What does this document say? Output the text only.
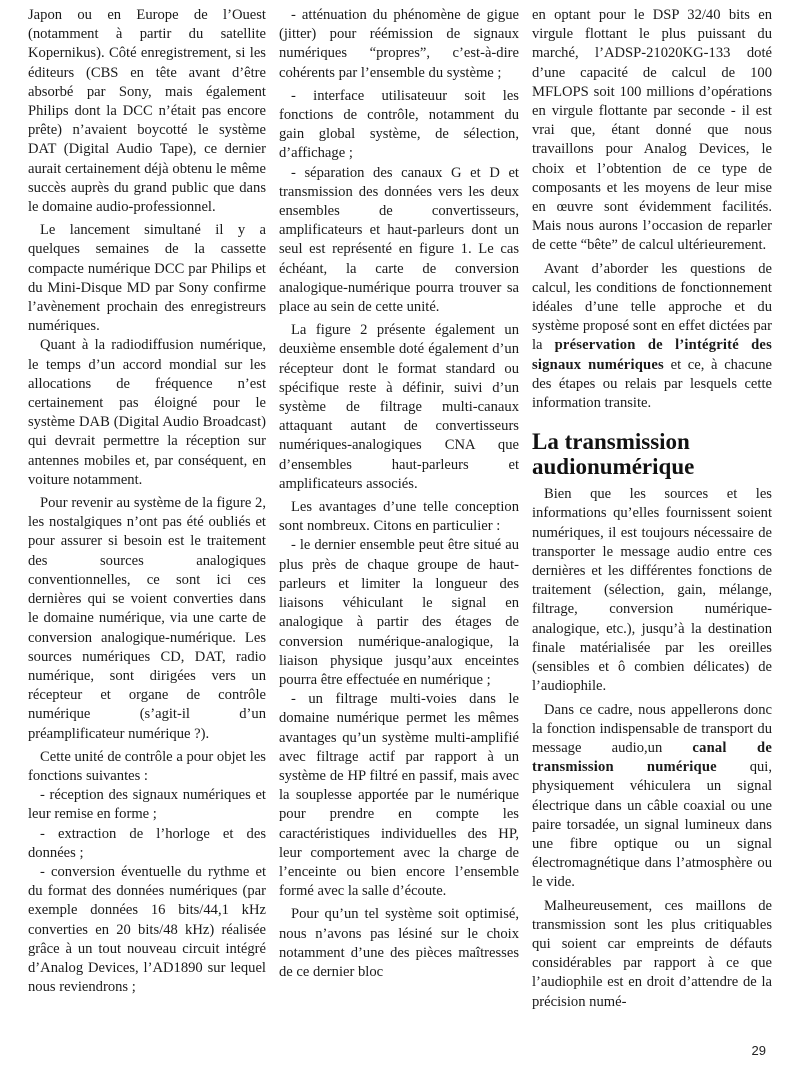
Japon ou en Europe de l’Ouest (notamment à partir du satellite Kopernikus). Côté enregistrement, si les éditeurs (CBS en tête avant d’être absorbé par Sony, mais également Philips dont la DCC n’était pas encore prête) n’avaient boycotté le système DAT (Digital Audio Tape), ce dernier aurait certainement déjà obtenu le même succès auprès du grand public que dans le domaine audio-professionnel.

Le lancement simultané il y a quelques semaines de la cassette compacte numérique DCC par Philips et du Mini-Disque MD par Sony confirme l’avènement prochain des enregistreurs numériques.

Quant à la radiodiffusion numérique, le temps d’un accord mondial sur les allocations de fréquence n’est certainement pas éloigné pour le système DAB (Digital Audio Broadcast) qui devrait permettre la réception sur antennes mobiles et, par conséquent, en voiture notamment.

Pour revenir au système de la figure 2, les nostalgiques n’ont pas été oubliés et pour assurer si besoin est le traitement des sources analogiques conventionnelles, ce sont ici ces dernières qui se voient converties dans le domaine numérique, via une carte de conversion analogique-numérique. Les sources numériques CD, DAT, radio numérique, sont dirigées vers un récepteur et organe de contrôle numérique (s’agit-il d’un préamplificateur numérique ?).

Cette unité de contrôle a pour objet les fonctions suivantes :

- réception des signaux numériques et leur remise en forme ;

- extraction de l’horloge et des données ;

- conversion éventuelle du rythme et du format des données numériques (par exemple données 16 bits/44,1 kHz converties en 20 bits/48 kHz) réalisée grâce à un tout nouveau circuit intégré d’Analog Devices, l’AD1890 sur lequel nous reviendrons ;

- atténuation du phénomène de gigue (jitter) pour réémission de signaux numériques “propres”, c’est-à-dire cohérents par l’ensemble du système ;

- interface utilisateuur soit les fonctions de contrôle, notamment du gain global système, de sélection, d’affichage ;

- séparation des canaux G et D et transmission des données vers les deux ensembles de convertisseurs, amplificateurs et haut-parleurs dont un seul est représenté en figure 1. Le cas échéant, la carte de conversion analogique-numérique pourra trouver sa place au sein de cette unité.

La figure 2 présente également un deuxième ensemble doté également d’un récepteur dont le format standard ou spécifique reste à définir, suivi d’un système de filtrage multi-canaux attaquant autant de convertisseurs numériques-analogiques CNA que d’ensembles haut-parleurs et amplificateurs associés.

Les avantages d’une telle conception sont nombreux. Citons en particulier :

- le dernier ensemble peut être situé au plus près de chaque groupe de haut-parleurs et limiter la longueur des liaisons véhiculant le signal en analogique à partir des étages de conversion numérique-analogique, la liaison physique jusqu’aux enceintes pourra être effectuée en numérique ;

- un filtrage multi-voies dans le domaine numérique permet les mêmes avantages qu’un système multi-amplifié avec filtrage actif par rapport à un système de HP filtré en passif, mais avec la souplesse apportée par le numérique pour prendre en compte les caractéristiques individuelles des HP, leur comportement avec la charge de l’enceinte ou bien encore l’ensemble formé avec la salle d’écoute.

Pour qu’un tel système soit optimisé, nous n’avons pas lésiné sur le choix notamment d’une des pièces maîtresses de ce dernier bloc

en optant pour le DSP 32/40 bits en virgule flottant le plus puissant du marché, l’ADSP-21020KG-133 doté d’une capacité de calcul de 100 MFLOPS soit 100 millions d’opérations en virgule flottante par seconde - il est vrai que, étant donné que nous travaillons pour Analog Devices, le choix et l’obtention de ce type de composants et les moyens de leur mise en œuvre sont évidemment facilités. Mais nous aurons l’occasion de reparler de cette “bête” de calcul ultérieurement.

Avant d’aborder les questions de calcul, les conditions de fonctionnement idéales d’une telle approche et du système proposé sont en effet dictées par la préservation de l’intégrité des signaux numériques et ce, à chacune des étapes ou relais par lesquels cette information transite.

La transmission audionumérique

Bien que les sources et les informations qu’elles fournissent soient numériques, il est toujours nécessaire de transporter le message audio entre ces dernières et les différentes fonctions de traitement (sélection, gain, mélange, filtrage, conversion numérique-analogique, etc.), jusqu’à la destination finale matérialisée par les oreilles (sensibles et ô combien délicates) de l’audiophile.

Dans ce cadre, nous appellerons donc la fonction indispensable de transport du message audio,un canal de transmission numérique qui, physiquement véhiculera un signal électrique dans un câble coaxial ou une paire torsadée, un signal lumineux dans une fibre optique ou un signal électromagnétique dans l’atmosphère ou le vide.

Malheureusement, ces maillons de transmission sont les plus critiquables qui soient car empreints de défauts considérables par rapport à ce que l’audiophile est en droit d’attendre de la précision numé-

29
